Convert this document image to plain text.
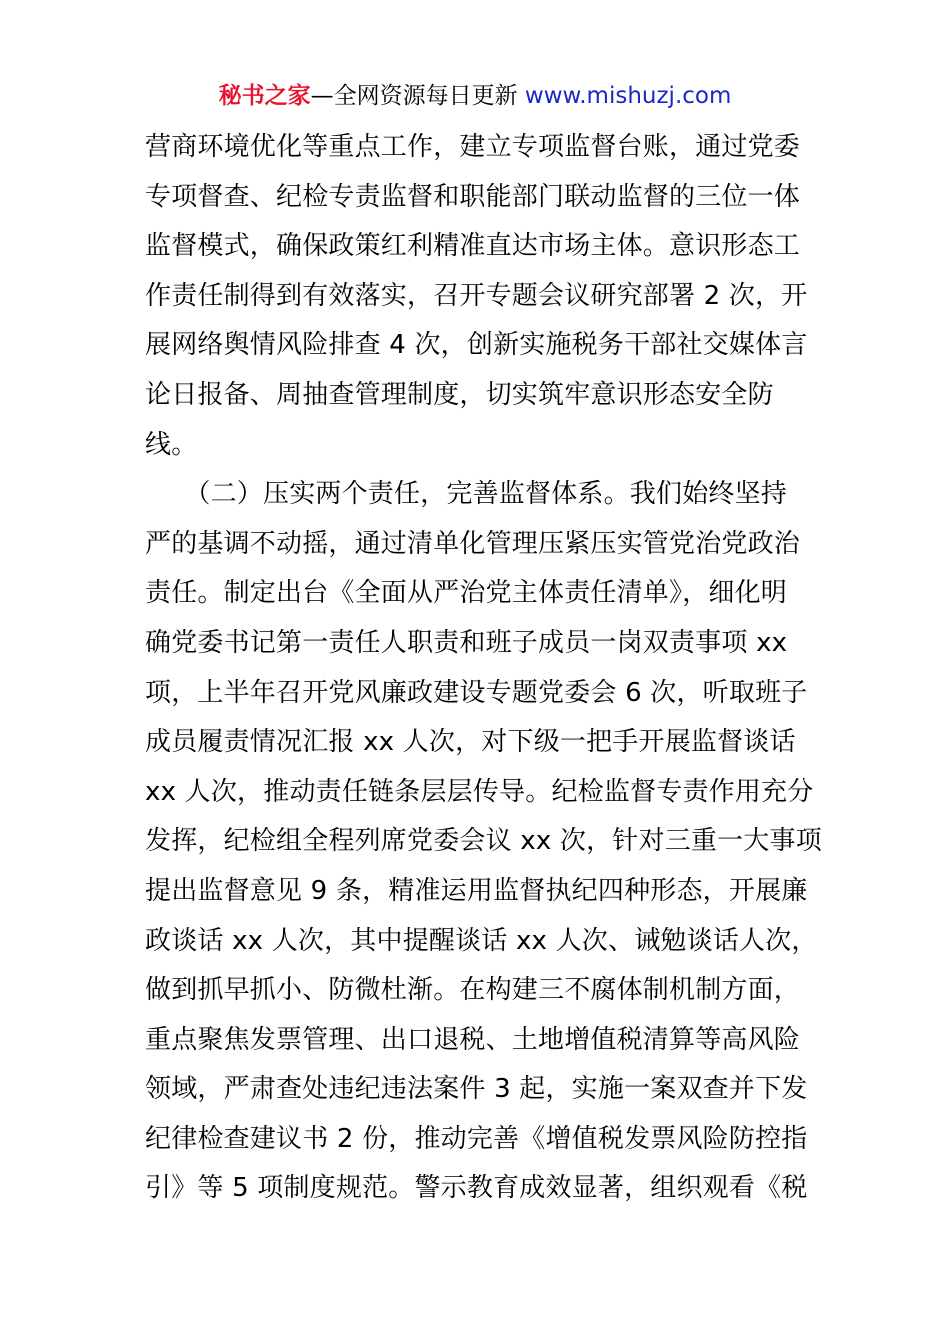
秘书之家—全网资源每日更新 www.mishuzj.com
营商环境优化等重点工作，建立专项监督台账，通过党委
专项督查、纪检专责监督和职能部门联动监督的三位一体
监督模式，确保政策红利精准直达市场主体。意识形态工
作责任制得到有效落实，召开专题会议研究部署 2 次，开
展网络舆情风险排查 4 次，创新实施税务干部社交媒体言
论日报备、周抽查管理制度，切实筑牢意识形态安全防
线。
　　（二）压实两个责任，完善监督体系。我们始终坚持
严的基调不动摇，通过清单化管理压紧压实管党治党政治
责任。制定出台《全面从严治党主体责任清单》，细化明
确党委书记第一责任人职责和班子成员一岗双责事项 xx
项，上半年召开党风廉政建设专题党委会 6 次，听取班子
成员履责情况汇报 xx 人次，对下级一把手开展监督谈话
xx 人次，推动责任链条层层传导。纪检监督专责作用充分
发挥，纪检组全程列席党委会议 xx 次，针对三重一大事项
提出监督意见 9 条，精准运用监督执纪四种形态，开展廉
政谈话 xx 人次，其中提醒谈话 xx 人次、诫勉谈话人次，
做到抓早抓小、防微杜渐。在构建三不腐体制机制方面，
重点聚焦发票管理、出口退税、土地增值税清算等高风险
领域，严肃查处违纪违法案件 3 起，实施一案双查并下发
纪律检查建议书 2 份，推动完善《增值税发票风险防控指
引》等 5 项制度规范。警示教育成效显著，组织观看《税
